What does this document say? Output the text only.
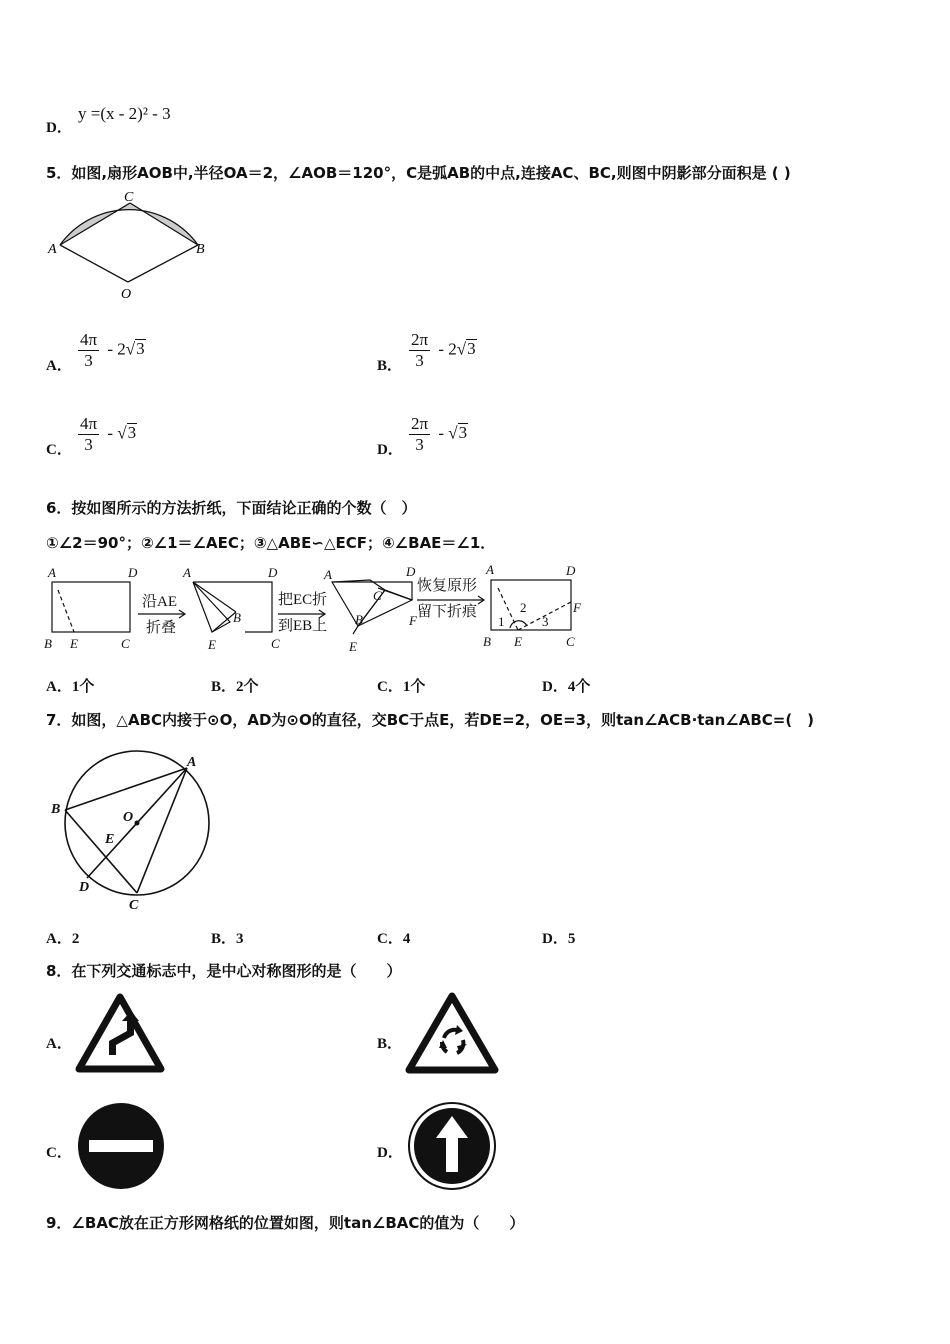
D．
y =(x - 2)² - 3
5．如图,扇形AOB中,半径OA＝2，∠AOB＝120°，C是弧AB的中点,连接AC、BC,则图中阴影部分面积是 ( )
A
C
B
O
A． $\frac{4\pi}{3} - 2√3$
B． $\frac{2\pi}{3} - 2√3$
C． $\frac{4\pi}{3} - √3$
D． $\frac{2\pi}{3} - √3$
6．按如图所示的方法折纸，下面结论正确的个数（　）
①∠2＝90°；②∠1＝∠AEC；③△ABE∽△ECF；④∠BAE＝∠1．
A	D
B E	C
A	D
B
E	C
A	D
C
B	F
E
A	D
F
B E	C
1
2
3
沿AE
折叠
把EC折
到EB上
恢复原形
留下折痕
A．1个	B．2个	C．1个	D．4个
7．如图，△ABC内接于⊙O，AD为⊙O的直径，交BC于点E，若DE=2，OE=3，则tan∠ACB·tan∠ABC=(　)
A
B
O
E
D
C
A．2	B．3	C．4	D．5
8．在下列交通标志中，是中心对称图形的是（　　）
A．	B．
C．	D．
9．∠BAC放在正方形网格纸的位置如图，则tan∠BAC的值为（　　）
